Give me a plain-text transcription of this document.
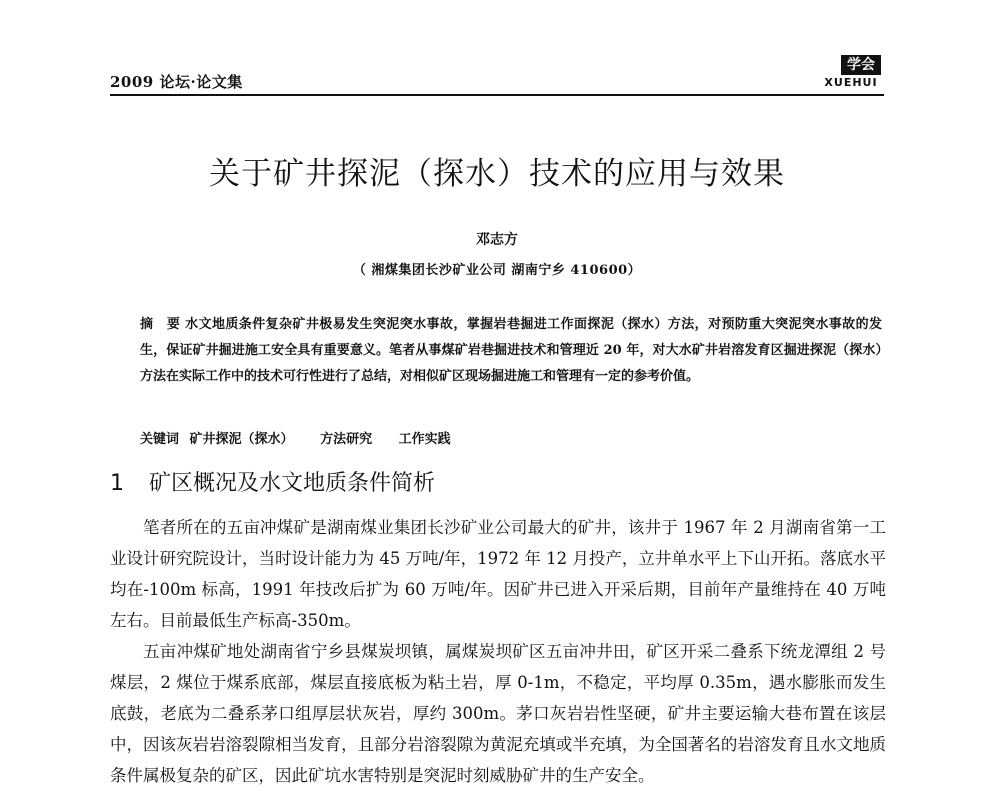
2009 论坛·论文集
学会
XUEHUI
关于矿井探泥（探水）技术的应用与效果
邓志方
（ 湘煤集团长沙矿业公司 湖南宁乡 410600）

摘　要 水文地质条件复杂矿井极易发生突泥突水事故，掌握岩巷掘进工作面探泥（探水）方法，对预防重大突泥突水事故的发生，保证矿井掘进施工安全具有重要意义。笔者从事煤矿岩巷掘进技术和管理近 20 年，对大水矿井岩溶发育区掘进探泥（探水）方法在实际工作中的技术可行性进行了总结，对相似矿区现场掘进施工和管理有一定的参考价值。

关键词 矿井探泥（探水） 方法研究 工作实践
1 矿区概况及水文地质条件简析

笔者所在的五亩冲煤矿是湖南煤业集团长沙矿业公司最大的矿井，该井于 1967 年 2 月湖南省第一工业设计研究院设计，当时设计能力为 45 万吨/年，1972 年 12 月投产，立井单水平上下山开拓。落底水平均在-100m 标高，1991 年技改后扩为 60 万吨/年。因矿井已进入开采后期，目前年产量维持在 40 万吨左右。目前最低生产标高-350m。

五亩冲煤矿地处湖南省宁乡县煤炭坝镇，属煤炭坝矿区五亩冲井田，矿区开采二叠系下统龙潭组 2 号煤层，2 煤位于煤系底部，煤层直接底板为粘土岩，厚 0-1m，不稳定，平均厚 0.35m，遇水膨胀而发生底鼓，老底为二叠系茅口组厚层状灰岩，厚约 300m。茅口灰岩岩性坚硬，矿井主要运输大巷布置在该层中，因该灰岩岩溶裂隙相当发育，且部分岩溶裂隙为黄泥充填或半充填，为全国著名的岩溶发育且水文地质条件属极复杂的矿区，因此矿坑水害特别是突泥时刻威胁矿井的生产安全。
